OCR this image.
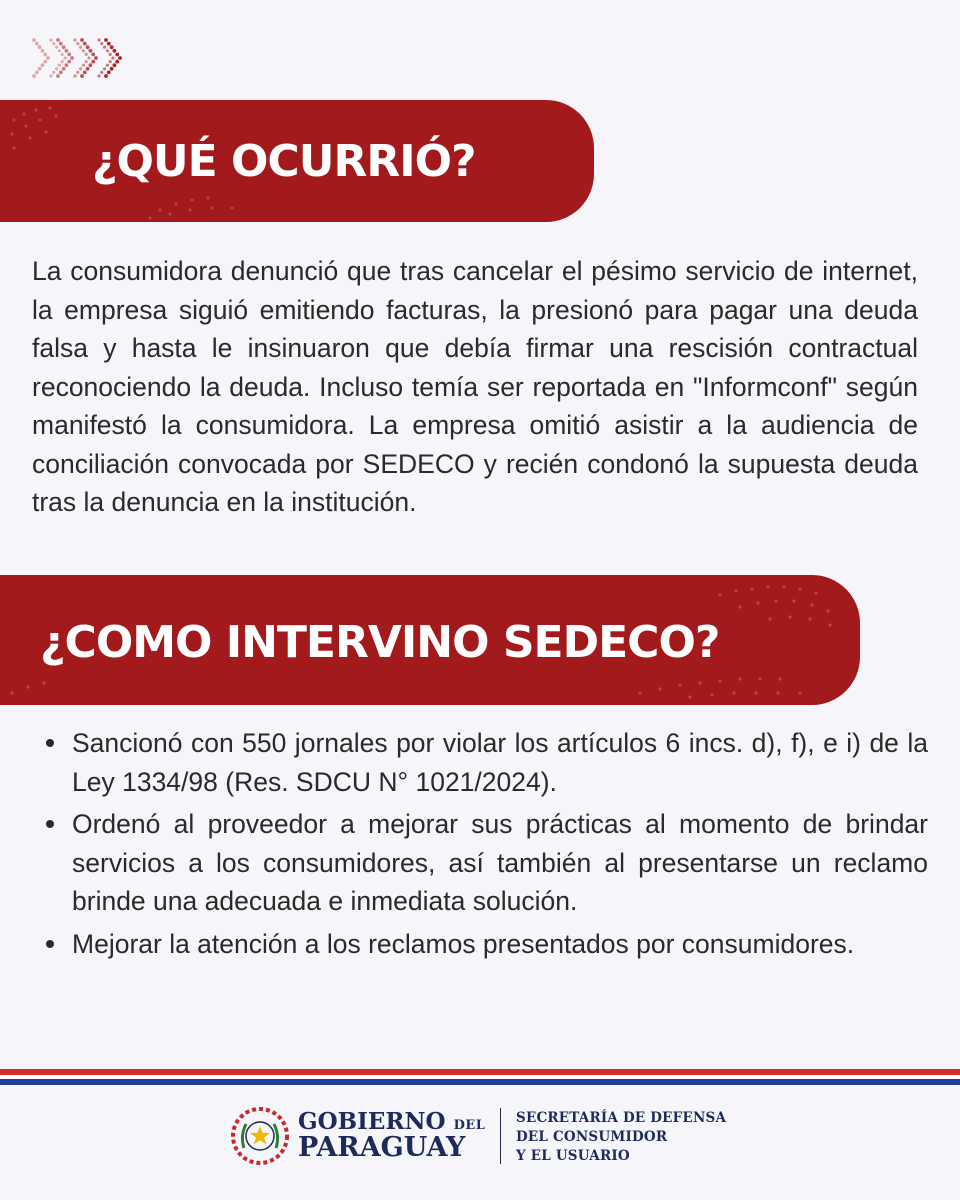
¿QUÉ OCURRIÓ?

La consumidora denunció que tras cancelar el pésimo servicio de internet, la empresa siguió emitiendo facturas, la presionó para pagar una deuda falsa y hasta le insinuaron que debía firmar una rescisión contractual reconociendo la deuda. Incluso temía ser reportada en "Informconf" según manifestó la consumidora. La empresa omitió asistir a la audiencia de conciliación convocada por SEDECO y recién condonó la supuesta deuda tras la denuncia en la institución.

¿COMO INTERVINO SEDECO?
Sancionó con 550 jornales por violar los artículos 6 incs. d), f), e i) de la Ley 1334/98 (Res. SDCU N° 1021/2024).
Ordenó al proveedor a mejorar sus prácticas al momento de brindar servicios a los consumidores, así también al presentarse un reclamo brinde una adecuada e inmediata solución.
Mejorar la atención a los reclamos presentados por consumidores.
GOBIERNO DEL
PARAGUAY
SECRETARÍA DE DEFENSA
DEL CONSUMIDOR
Y EL USUARIO
